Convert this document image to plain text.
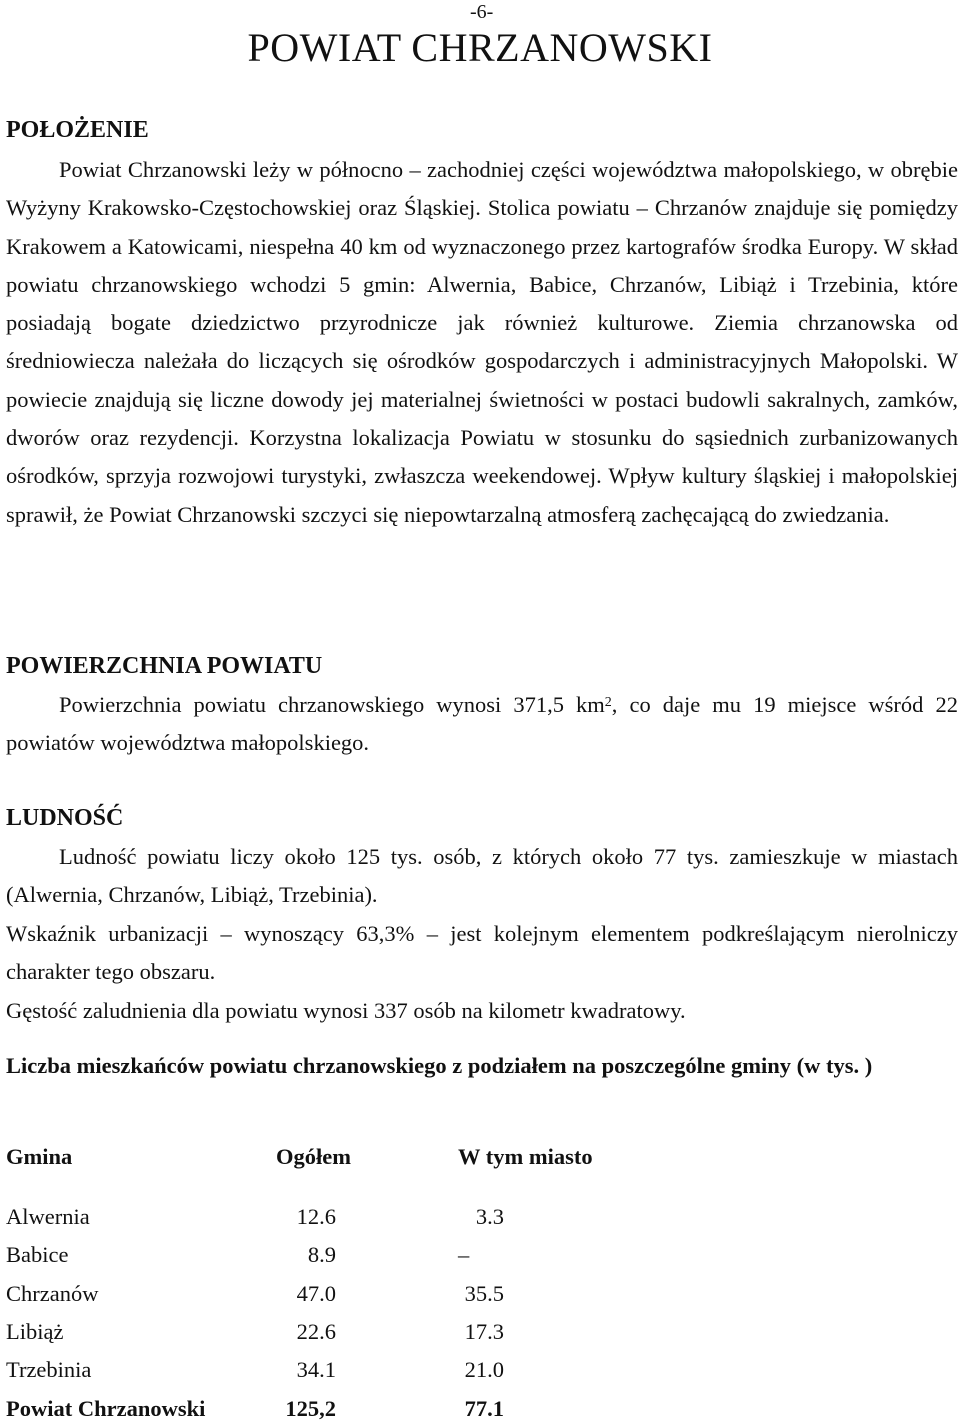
-6-
POWIAT CHRZANOWSKI
POŁOŻENIE

Powiat Chrzanowski leży w północno – zachodniej części województwa małopolskiego, w obrębie Wyżyny Krakowsko-Częstochowskiej oraz Śląskiej. Stolica powiatu – Chrzanów znajduje się pomiędzy Krakowem a Katowicami, niespełna 40 km od wyznaczonego przez kartografów środka Europy. W skład powiatu chrzanowskiego wchodzi 5 gmin: Alwernia, Babice, Chrzanów, Libiąż i Trzebinia, które posiadają bogate dziedzictwo przyrodnicze jak również kulturowe. Ziemia chrzanowska od średniowiecza należała do liczących się ośrodków gospodarczych i administracyjnych Małopolski. W powiecie znajdują się liczne dowody jej materialnej świetności w postaci budowli sakralnych, zamków, dworów oraz rezydencji. Korzystna lokalizacja Powiatu w stosunku do sąsiednich zurbanizowanych ośrodków, sprzyja rozwojowi turystyki, zwłaszcza weekendowej. Wpływ kultury śląskiej i małopolskiej sprawił, że Powiat Chrzanowski szczyci się niepowtarzalną atmosferą zachęcającą do zwiedzania.

POWIERZCHNIA POWIATU

Powierzchnia powiatu chrzanowskiego wynosi 371,5 $km^2$, co daje mu 19 miejsce wśród 22 powiatów województwa małopolskiego.

LUDNOŚĆ

Ludność powiatu liczy około 125 tys. osób, z których około 77 tys. zamieszkuje w miastach (Alwernia, Chrzanów, Libiąż, Trzebinia).

Wskaźnik urbanizacji – wynoszący 63,3% – jest kolejnym elementem podkreślającym nierolniczy charakter tego obszaru.

Gęstość zaludnienia dla powiatu wynosi 337 osób na kilometr kwadratowy.

Liczba mieszkańców powiatu chrzanowskiego z podziałem na poszczególne gminy (w tys. )

Gmina	Ogółem	W tym miasto

Alwernia	12.6	3.3
Babice	8.9	–
Chrzanów	47.0	35.5
Libiąż	22.6	17.3
Trzebinia	34.1	21.0
Powiat Chrzanowski	125,2	77.1
